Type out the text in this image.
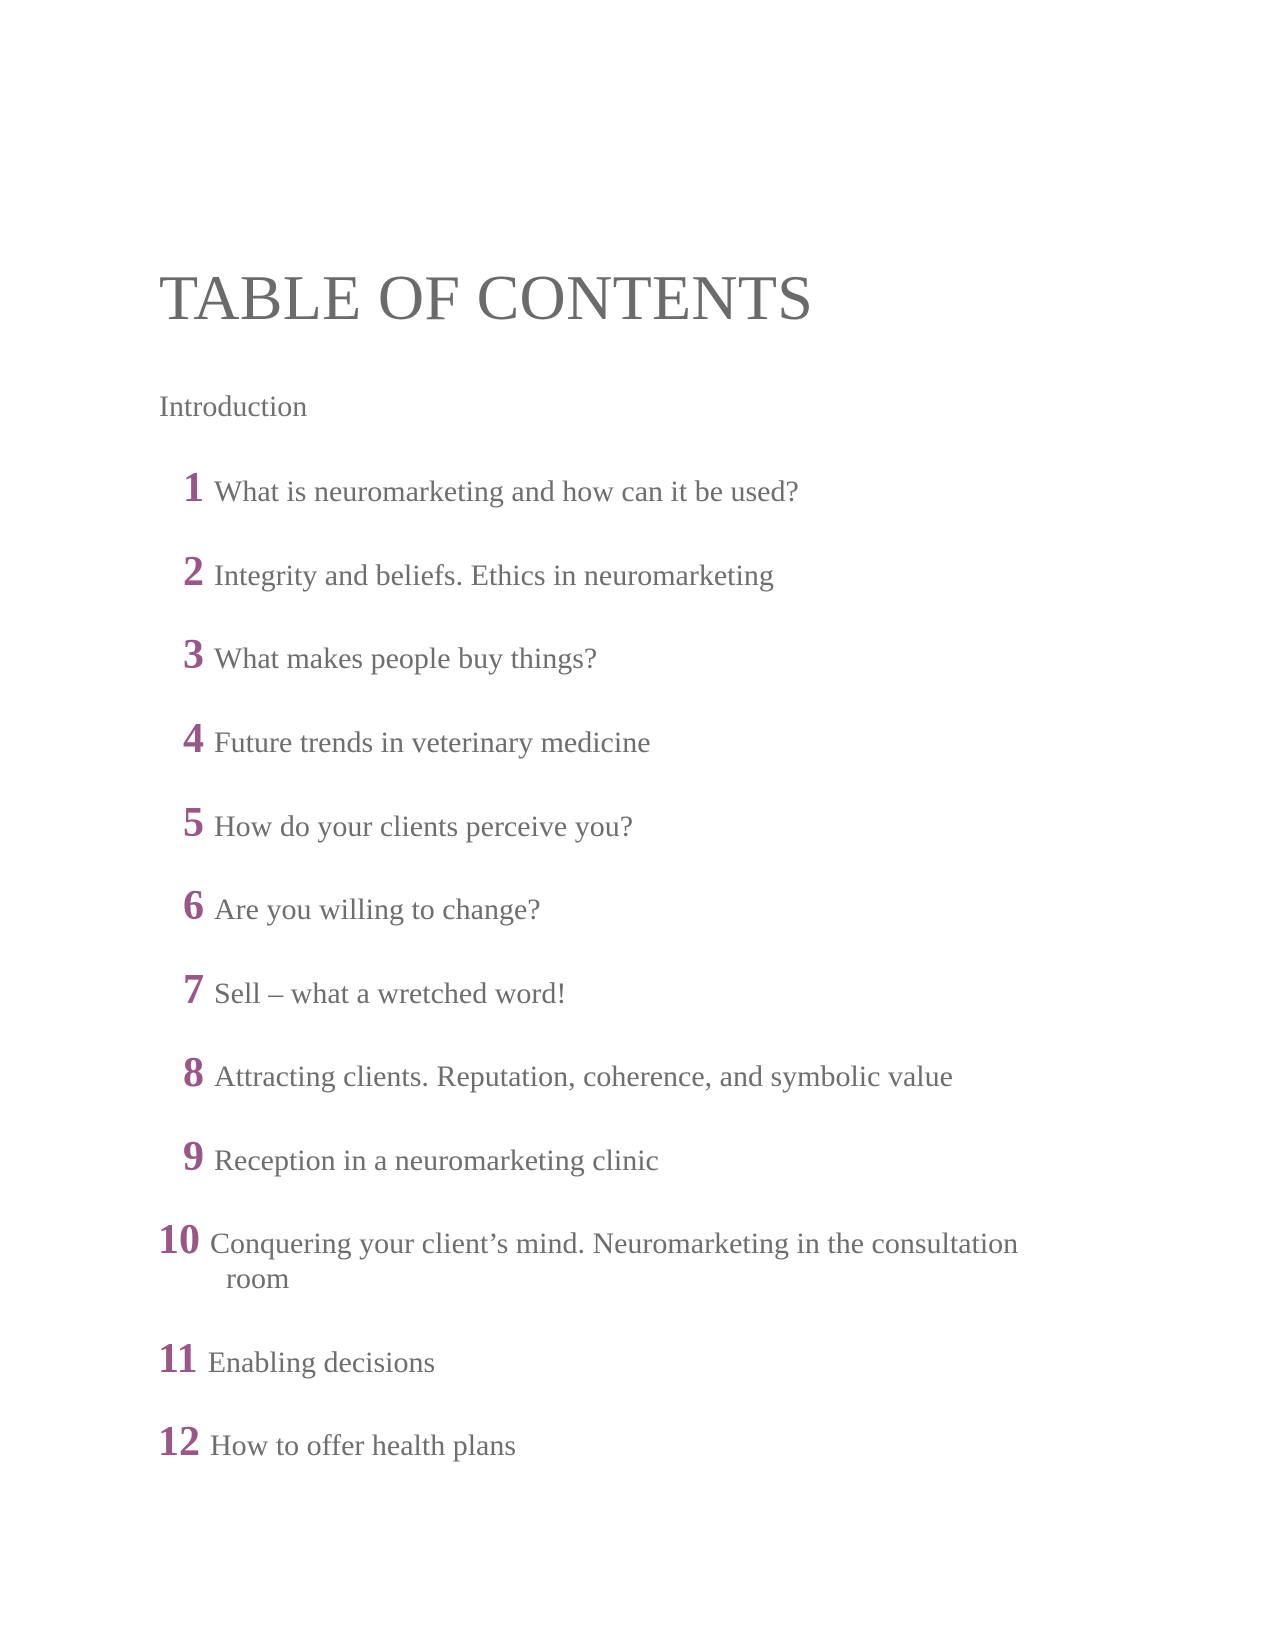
TABLE OF CONTENTS
Introduction
1 What is neuromarketing and how can it be used?
2 Integrity and beliefs. Ethics in neuromarketing
3 What makes people buy things?
4 Future trends in veterinary medicine
5 How do your clients perceive you?
6 Are you willing to change?
7 Sell – what a wretched word!
8 Attracting clients. Reputation, coherence, and symbolic value
9 Reception in a neuromarketing clinic
10 Conquering your client’s mind. Neuromarketing in the consultation
room
11 Enabling decisions
12 How to offer health plans
